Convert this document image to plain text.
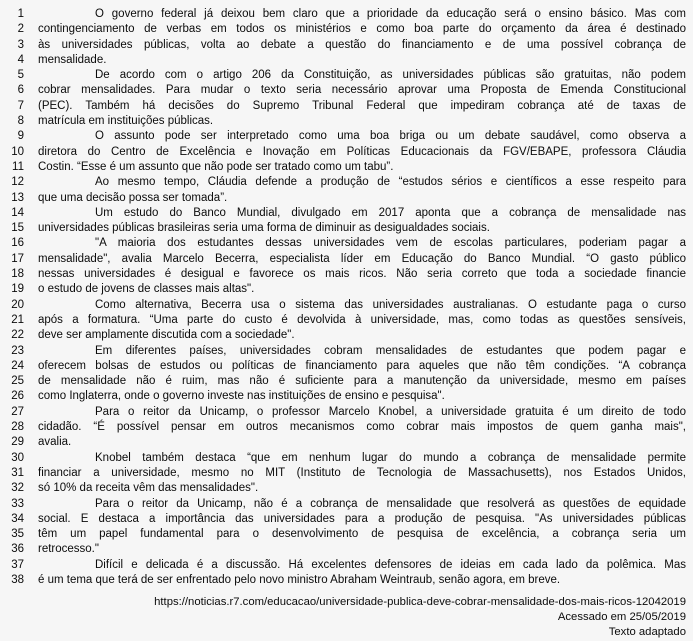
1	O governo federal já deixou bem claro que a prioridade da educação será o ensino básico. Mas com
2 contingenciamento de verbas em todos os ministérios e como boa parte do orçamento da área é destinado
3 às universidades públicas, volta ao debate a questão do financiamento e de uma possível cobrança de
4 mensalidade.
5	De acordo com o artigo 206 da Constituição, as universidades públicas são gratuitas, não podem
6 cobrar mensalidades. Para mudar o texto seria necessário aprovar uma Proposta de Emenda Constitucional
7 (PEC). Também há decisões do Supremo Tribunal Federal que impediram cobrança até de taxas de
8 matrícula em instituições públicas.
9	O assunto pode ser interpretado como uma boa briga ou um debate saudável, como observa a
10 diretora do Centro de Excelência e Inovação em Políticas Educacionais da FGV/EBAPE, professora Cláudia
11 Costin. “Esse é um assunto que não pode ser tratado como um tabu”.
12	Ao mesmo tempo, Cláudia defende a produção de “estudos sérios e científicos a esse respeito para
13 que uma decisão possa ser tomada”.
14	Um estudo do Banco Mundial, divulgado em 2017 aponta que a cobrança de mensalidade nas
15 universidades públicas brasileiras seria uma forma de diminuir as desigualdades sociais.
16	"A maioria dos estudantes dessas universidades vem de escolas particulares, poderiam pagar a
17 mensalidade", avalia Marcelo Becerra, especialista líder em Educação do Banco Mundial. “O gasto público
18 nessas universidades é desigual e favorece os mais ricos. Não seria correto que toda a sociedade financie
19 o estudo de jovens de classes mais altas".
20	Como alternativa, Becerra usa o sistema das universidades australianas. O estudante paga o curso
21 após a formatura. “Uma parte do custo é devolvida à universidade, mas, como todas as questões sensíveis,
22 deve ser amplamente discutida com a sociedade".
23	Em diferentes países, universidades cobram mensalidades de estudantes que podem pagar e
24 oferecem bolsas de estudos ou políticas de financiamento para aqueles que não têm condições. “A cobrança
25 de mensalidade não é ruim, mas não é suficiente para a manutenção da universidade, mesmo em países
26 como Inglaterra, onde o governo investe nas instituições de ensino e pesquisa".
27	Para o reitor da Unicamp, o professor Marcelo Knobel, a universidade gratuita é um direito de todo
28 cidadão. “É possível pensar em outros mecanismos como cobrar mais impostos de quem ganha mais",
29 avalia.
30	Knobel também destaca “que em nenhum lugar do mundo a cobrança de mensalidade permite
31 financiar a universidade, mesmo no MIT (Instituto de Tecnologia de Massachusetts), nos Estados Unidos,
32 só 10% da receita vêm das mensalidades".
33	Para o reitor da Unicamp, não é a cobrança de mensalidade que resolverá as questões de equidade
34 social. E destaca a importância das universidades para a produção de pesquisa. "As universidades públicas
35 têm um papel fundamental para o desenvolvimento de pesquisa de excelência, a cobrança seria um
36 retrocesso."
37	Difícil e delicada é a discussão. Há excelentes defensores de ideias em cada lado da polêmica. Mas
38 é um tema que terá de ser enfrentado pelo novo ministro Abraham Weintraub, senão agora, em breve.
https://noticias.r7.com/educacao/universidade-publica-deve-cobrar-mensalidade-dos-mais-ricos-12042019
Acessado em 25/05/2019
Texto adaptado
